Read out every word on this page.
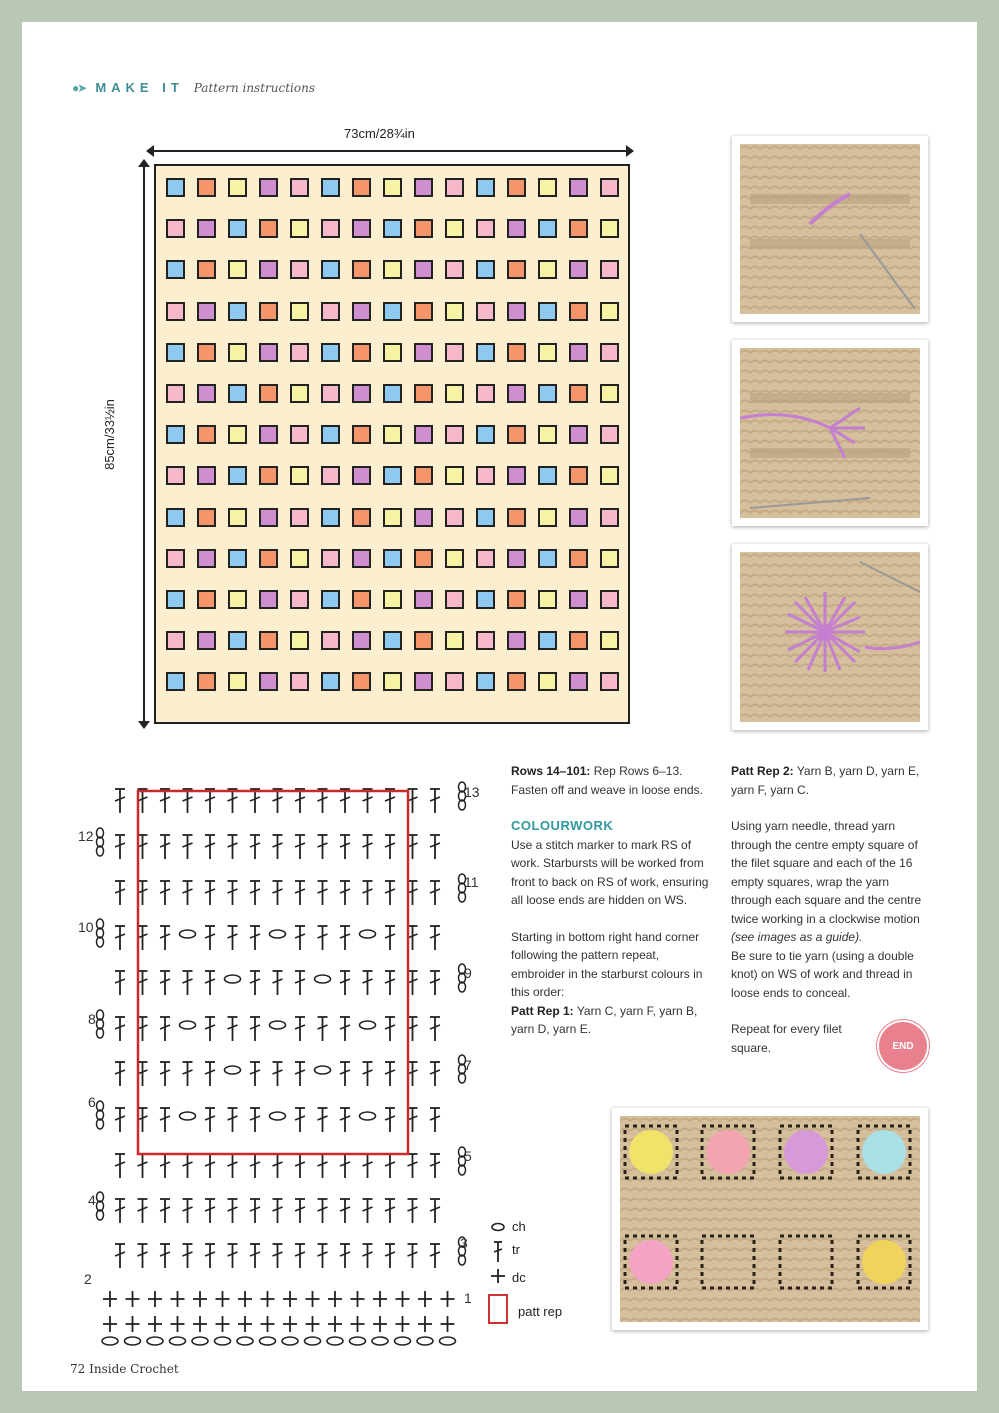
●➤ MAKE IT Pattern instructions
73cm/28¾in
85cm/33½in
12
10
8
6
4
2
13
11
9
7
5
3
1
ch
tr
dc
patt rep
Rows 14–101: Rep Rows 6–13. Fasten off and weave in loose ends.
COLOURWORK
Use a stitch marker to mark RS of work. Starbursts will be worked from front to back on RS of work, ensuring all loose ends are hidden on WS.
Starting in bottom right hand corner following the pattern repeat, embroider in the starburst colours in this order:
Patt Rep 1: Yarn C, yarn F, yarn B, yarn D, yarn E.
Patt Rep 2: Yarn B, yarn D, yarn E, yarn F, yarn C.
Using yarn needle, thread yarn through the centre empty square of the filet square and each of the 16 empty squares, wrap the yarn through each square and the centre twice working in a clockwise motion (see images as a guide).
Be sure to tie yarn (using a double knot) on WS of work and thread in loose ends to conceal.
Repeat for every filet square.	END
72 Inside Crochet
